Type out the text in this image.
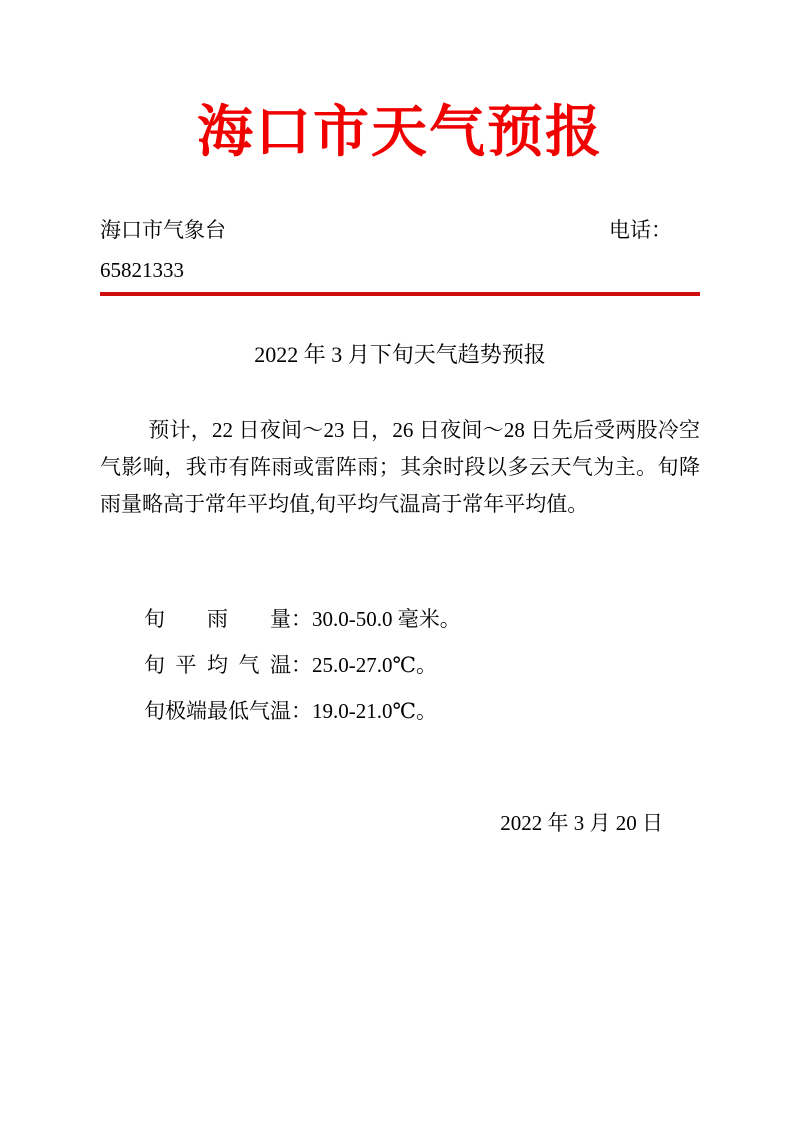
海口市天气预报
海口市气象台	电话：
65821333
2022 年 3 月下旬天气趋势预报

预计，22 日夜间～23 日，26 日夜间～28 日先后受两股冷空气影响，我市有阵雨或雷阵雨；其余时段以多云天气为主。旬降雨量略高于常年平均值,旬平均气温高于常年平均值。

旬雨量：30.0-50.0 毫米。
旬平均气温：25.0-27.0℃。
旬极端最低气温：19.0-21.0℃。
2022 年 3 月 20 日
